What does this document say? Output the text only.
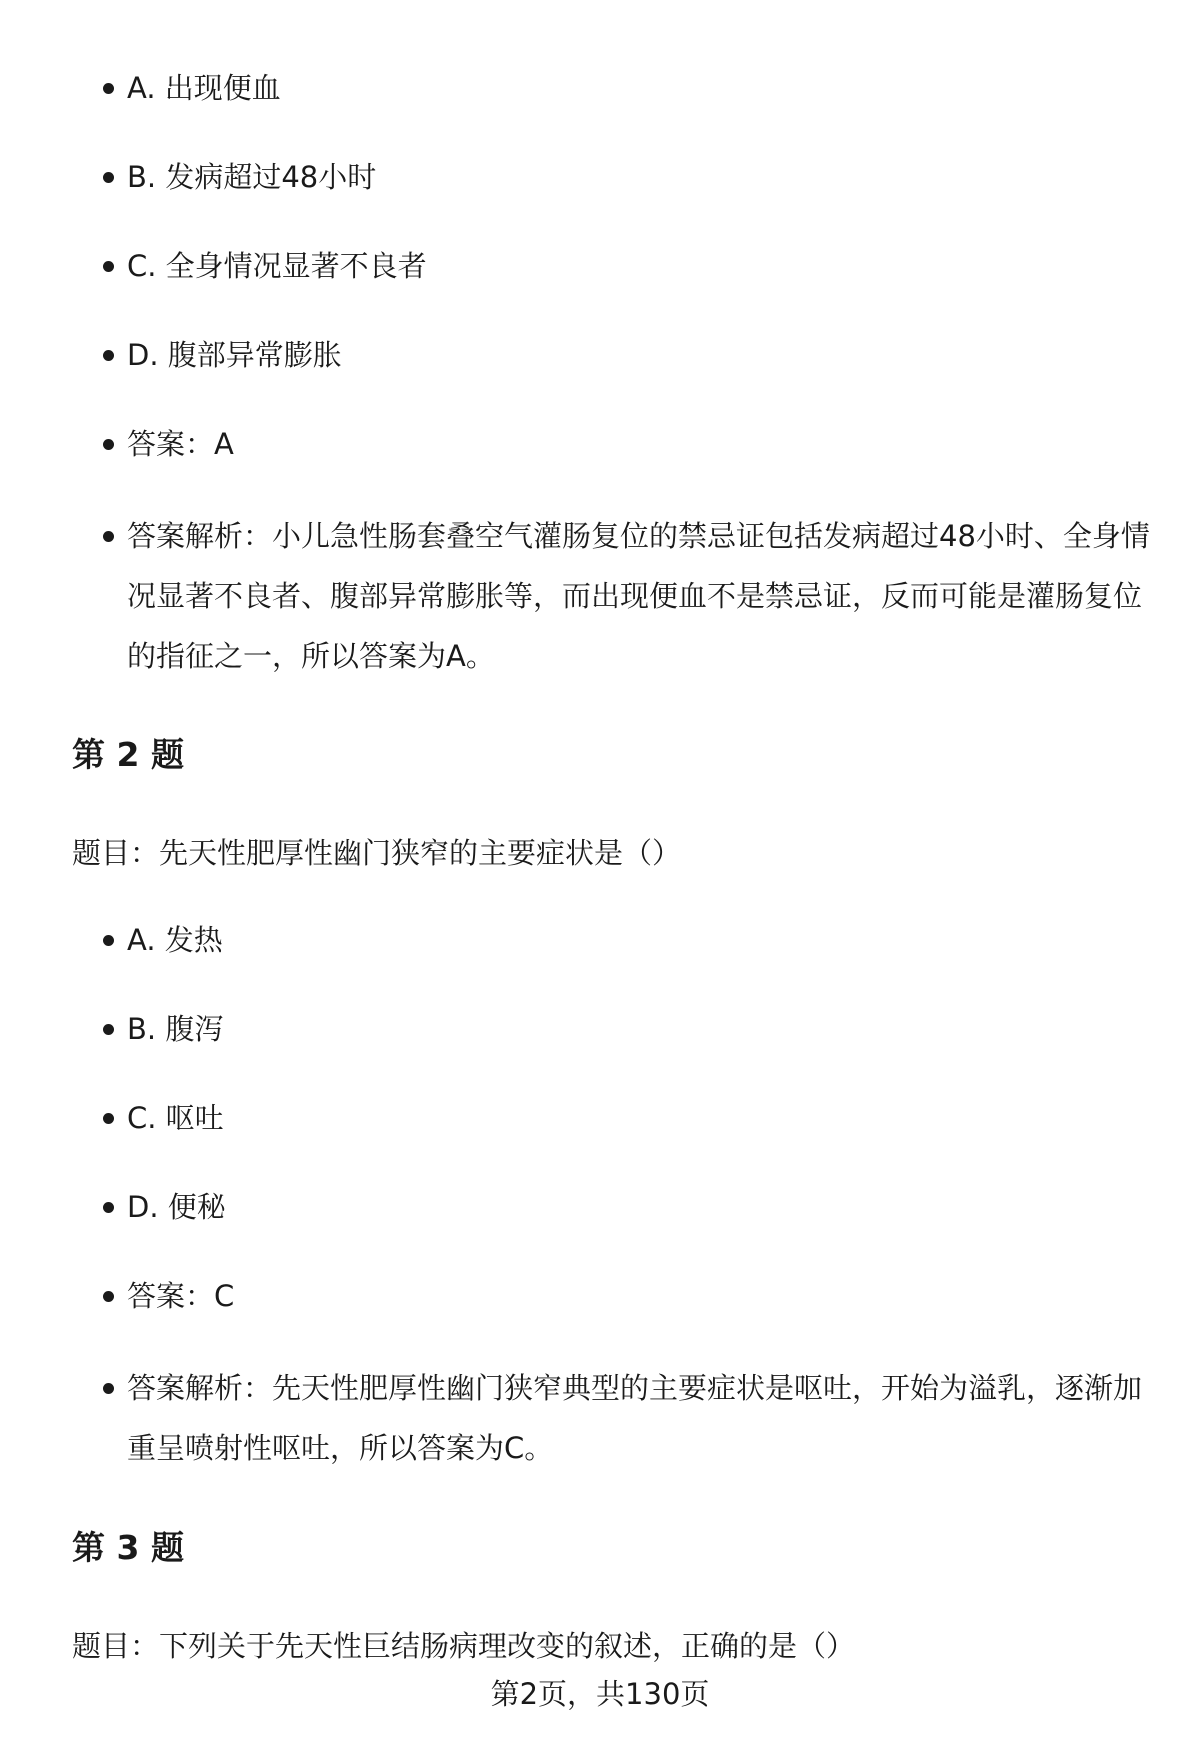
A. 出现便血
B. 发病超过48小时
C. 全身情况显著不良者
D. 腹部异常膨胀
答案：A
答案解析：小儿急性肠套叠空气灌肠复位的禁忌证包括发病超过48小时、全身情况显著不良者、腹部异常膨胀等，而出现便血不是禁忌证，反而可能是灌肠复位的指征之一，所以答案为A。
第 2 题

题目：先天性肥厚性幽门狭窄的主要症状是（）

A. 发热
B. 腹泻
C. 呕吐
D. 便秘
答案：C
答案解析：先天性肥厚性幽门狭窄典型的主要症状是呕吐，开始为溢乳，逐渐加重呈喷射性呕吐，所以答案为C。
第 3 题

题目：下列关于先天性巨结肠病理改变的叙述，正确的是（）

第2页，共130页
